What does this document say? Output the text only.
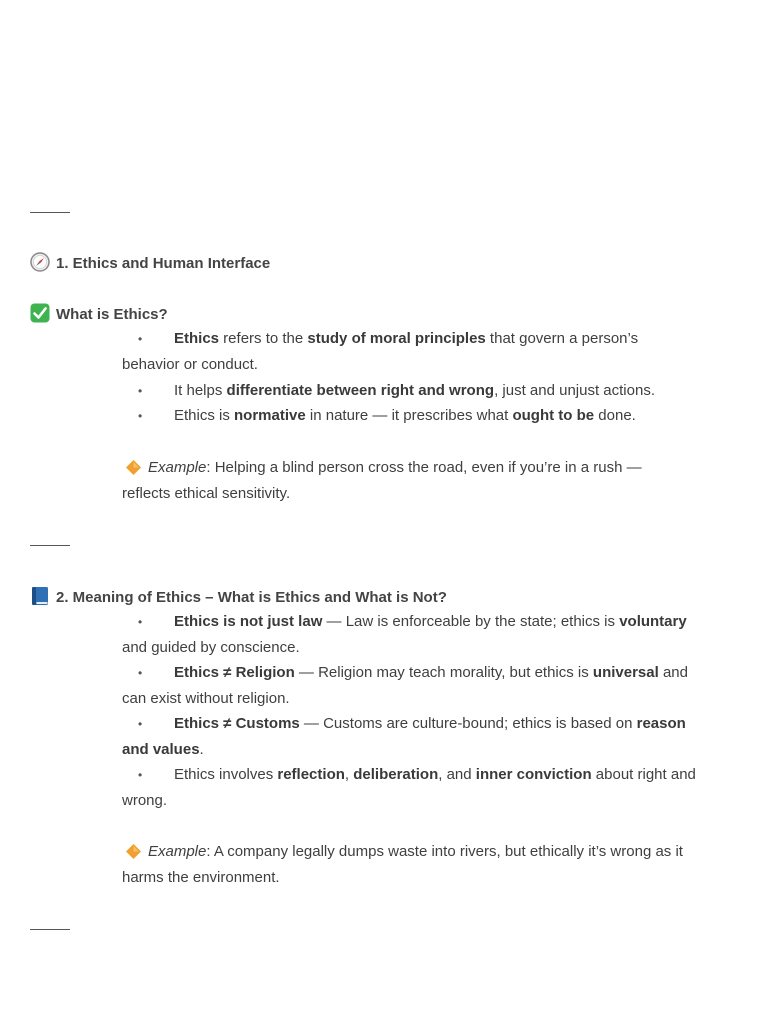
1. Ethics and Human Interface
What is Ethics?
• Ethics refers to the study of moral principles that govern a person’s
behavior or conduct.
• It helps differentiate between right and wrong, just and unjust actions.
• Ethics is normative in nature — it prescribes what ought to be done.
Example: Helping a blind person cross the road, even if you’re in a rush —
reflects ethical sensitivity.
2. Meaning of Ethics – What is Ethics and What is Not?
• Ethics is not just law — Law is enforceable by the state; ethics is voluntary
and guided by conscience.
• Ethics ≠ Religion — Religion may teach morality, but ethics is universal and
can exist without religion.
• Ethics ≠ Customs — Customs are culture-bound; ethics is based on reason
and values.
• Ethics involves reflection, deliberation, and inner conviction about right and
wrong.
Example: A company legally dumps waste into rivers, but ethically it’s wrong as it
harms the environment.
